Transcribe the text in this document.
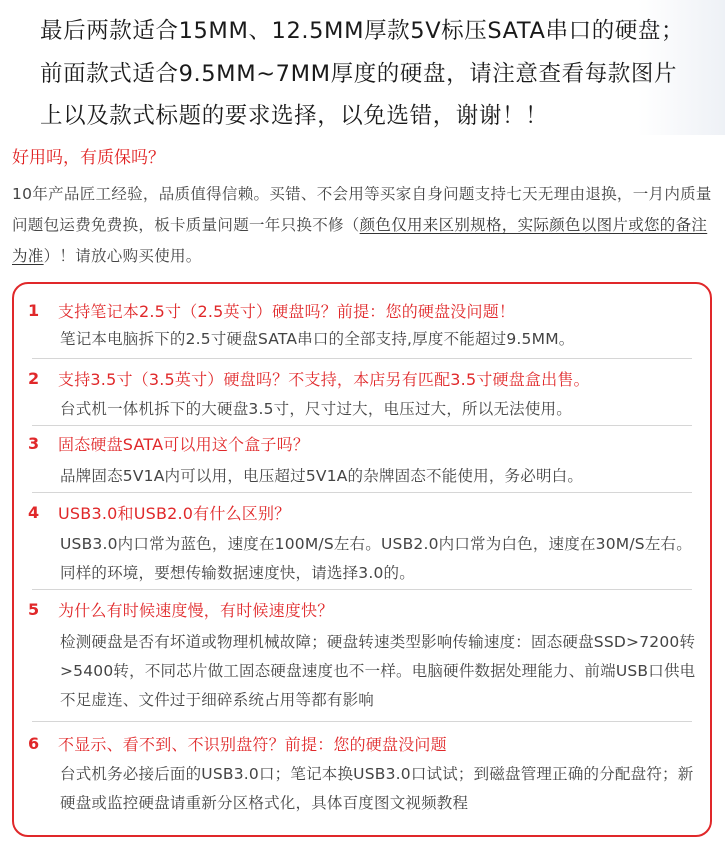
最后两款适合15MM、12.5MM厚款5V标压SATA串口的硬盘；
前面款式适合9.5MM~7MM厚度的硬盘，请注意查看每款图片
上以及款式标题的要求选择，以免选错，谢谢！！
好用吗，有质保吗？
10年产品匠工经验，品质值得信赖。买错、不会用等买家自身问题支持七天无理由退换，一月内质量问题包运费免费换，板卡质量问题一年只换不修（颜色仅用来区别规格，实际颜色以图片或您的备注为准）！请放心购买使用。
1 支持笔记本2.5寸（2.5英寸）硬盘吗？前提：您的硬盘没问题！
笔记本电脑拆下的2.5寸硬盘SATA串口的全部支持,厚度不能超过9.5MM。
2 支持3.5寸（3.5英寸）硬盘吗？不支持，本店另有匹配3.5寸硬盘盒出售。
台式机一体机拆下的大硬盘3.5寸，尺寸过大，电压过大，所以无法使用。
3 固态硬盘SATA可以用这个盒子吗？
品牌固态5V1A内可以用，电压超过5V1A的杂牌固态不能使用，务必明白。
4 USB3.0和USB2.0有什么区别？
USB3.0内口常为蓝色，速度在100M/S左右。USB2.0内口常为白色，速度在30M/S左右。同样的环境，要想传输数据速度快，请选择3.0的。
5 为什么有时候速度慢，有时候速度快？
检测硬盘是否有坏道或物理机械故障；硬盘转速类型影响传输速度：固态硬盘SSD>7200转>5400转，不同芯片做工固态硬盘速度也不一样。电脑硬件数据处理能力、前端USB口供电不足虚连、文件过于细碎系统占用等都有影响
6 不显示、看不到、不识别盘符？前提：您的硬盘没问题
台式机务必接后面的USB3.0口；笔记本换USB3.0口试试；到磁盘管理正确的分配盘符；新硬盘或监控硬盘请重新分区格式化，具体百度图文视频教程
